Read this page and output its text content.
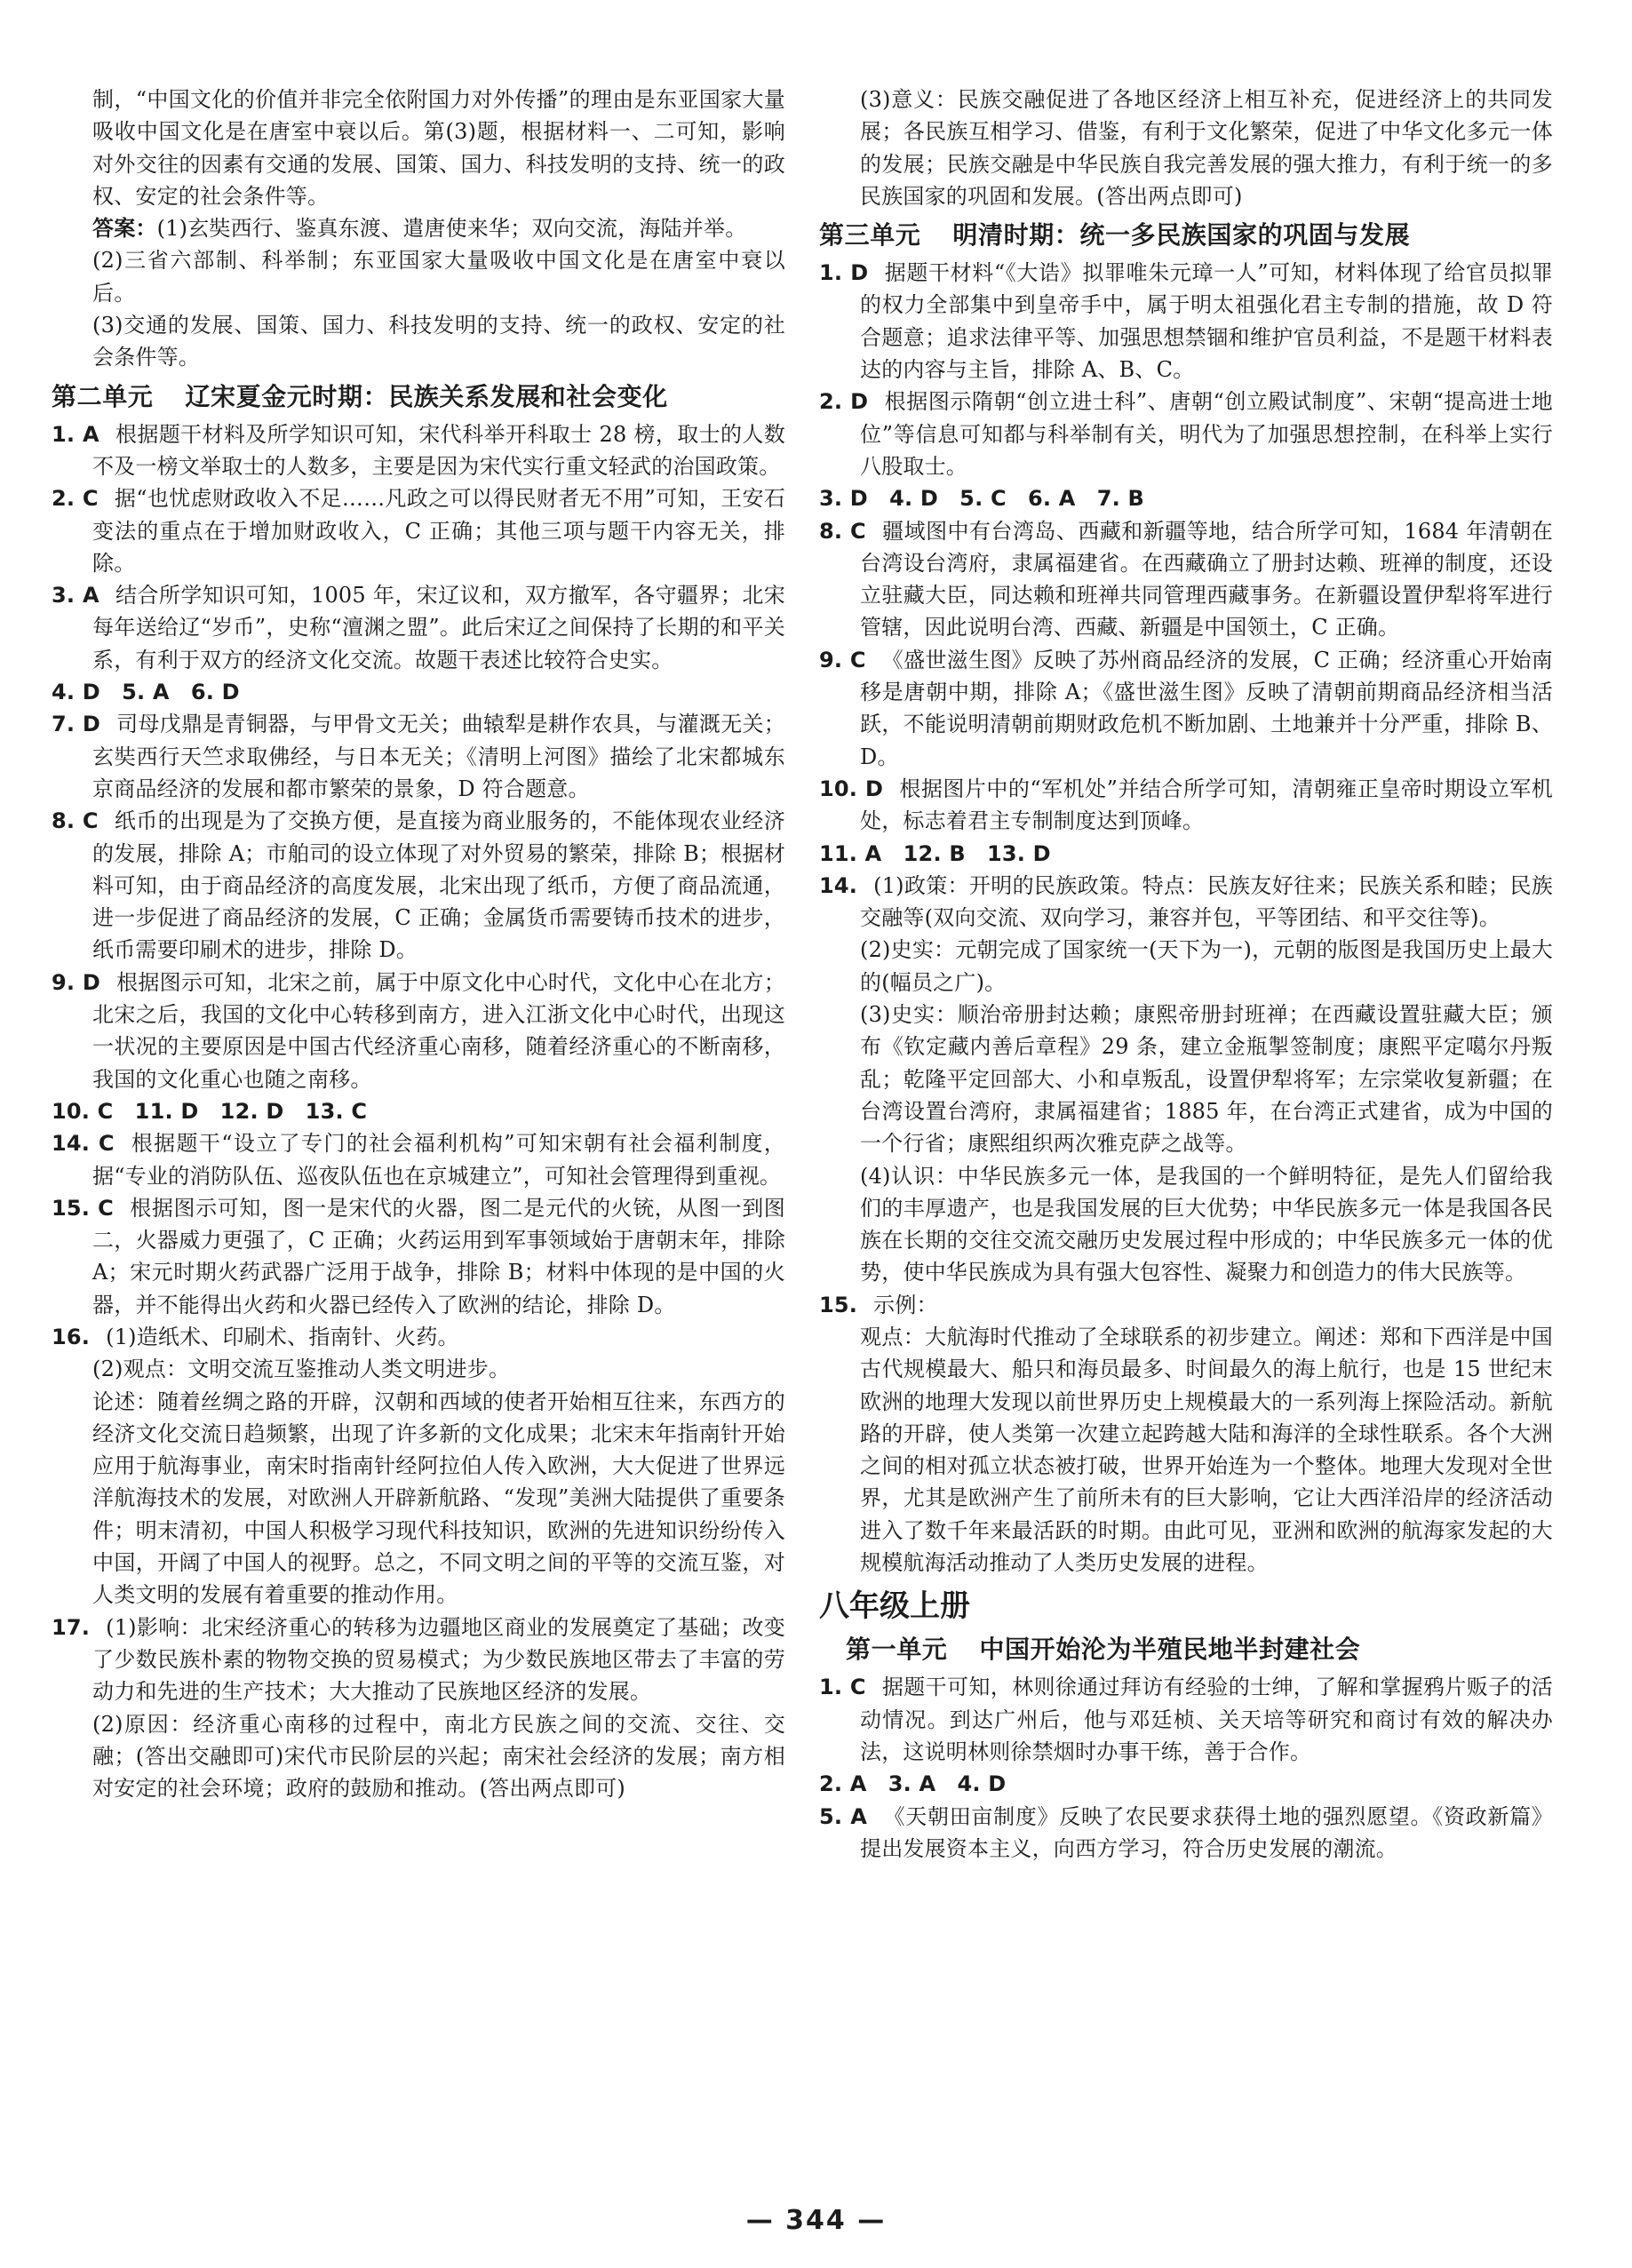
制，“中国文化的价值并非完全依附国力对外传播”的理由是东亚国家大量吸收中国文化是在唐室中衰以后。第(3)题，根据材料一、二可知，影响对外交往的因素有交通的发展、国策、国力、科技发明的支持、统一的政权、安定的社会条件等。

答案：(1)玄奘西行、鉴真东渡、遣唐使来华；双向交流，海陆并举。

(2)三省六部制、科举制；东亚国家大量吸收中国文化是在唐室中衰以后。

(3)交通的发展、国策、国力、科技发明的支持、统一的政权、安定的社会条件等。

第二单元 辽宋夏金元时期：民族关系发展和社会变化

1. A 根据题干材料及所学知识可知，宋代科举开科取士 28 榜，取士的人数不及一榜文举取士的人数多，主要是因为宋代实行重文轻武的治国政策。

2. C 据“也忧虑财政收入不足……凡政之可以得民财者无不用”可知，王安石变法的重点在于增加财政收入，C 正确；其他三项与题干内容无关，排除。

3. A 结合所学知识可知，1005 年，宋辽议和，双方撤军，各守疆界；北宋每年送给辽“岁币”，史称“澶渊之盟”。此后宋辽之间保持了长期的和平关系，有利于双方的经济文化交流。故题干表述比较符合史实。

4. D　5. A　6. D

7. D 司母戊鼎是青铜器，与甲骨文无关；曲辕犁是耕作农具，与灌溉无关；玄奘西行天竺求取佛经，与日本无关；《清明上河图》描绘了北宋都城东京商品经济的发展和都市繁荣的景象，D 符合题意。

8. C 纸币的出现是为了交换方便，是直接为商业服务的，不能体现农业经济的发展，排除 A；市舶司的设立体现了对外贸易的繁荣，排除 B；根据材料可知，由于商品经济的高度发展，北宋出现了纸币，方便了商品流通，进一步促进了商品经济的发展，C 正确；金属货币需要铸币技术的进步，纸币需要印刷术的进步，排除 D。

9. D 根据图示可知，北宋之前，属于中原文化中心时代，文化中心在北方；北宋之后，我国的文化中心转移到南方，进入江浙文化中心时代，出现这一状况的主要原因是中国古代经济重心南移，随着经济重心的不断南移，我国的文化重心也随之南移。

10. C　11. D　12. D　13. C

14. C 根据题干“设立了专门的社会福利机构”可知宋朝有社会福利制度，据“专业的消防队伍、巡夜队伍也在京城建立”，可知社会管理得到重视。

15. C 根据图示可知，图一是宋代的火器，图二是元代的火铳，从图一到图二，火器威力更强了，C 正确；火药运用到军事领域始于唐朝末年，排除 A；宋元时期火药武器广泛用于战争，排除 B；材料中体现的是中国的火器，并不能得出火药和火器已经传入了欧洲的结论，排除 D。

16. (1)造纸术、印刷术、指南针、火药。

(2)观点：文明交流互鉴推动人类文明进步。

论述：随着丝绸之路的开辟，汉朝和西域的使者开始相互往来，东西方的经济文化交流日趋频繁，出现了许多新的文化成果；北宋末年指南针开始应用于航海事业，南宋时指南针经阿拉伯人传入欧洲，大大促进了世界远洋航海技术的发展，对欧洲人开辟新航路、“发现”美洲大陆提供了重要条件；明末清初，中国人积极学习现代科技知识，欧洲的先进知识纷纷传入中国，开阔了中国人的视野。总之，不同文明之间的平等的交流互鉴，对人类文明的发展有着重要的推动作用。

17. (1)影响：北宋经济重心的转移为边疆地区商业的发展奠定了基础；改变了少数民族朴素的物物交换的贸易模式；为少数民族地区带去了丰富的劳动力和先进的生产技术；大大推动了民族地区经济的发展。

(2)原因：经济重心南移的过程中，南北方民族之间的交流、交往、交融；(答出交融即可)宋代市民阶层的兴起；南宋社会经济的发展；南方相对安定的社会环境；政府的鼓励和推动。(答出两点即可)

(3)意义：民族交融促进了各地区经济上相互补充，促进经济上的共同发展；各民族互相学习、借鉴，有利于文化繁荣，促进了中华文化多元一体的发展；民族交融是中华民族自我完善发展的强大推力，有利于统一的多民族国家的巩固和发展。(答出两点即可)

第三单元 明清时期：统一多民族国家的巩固与发展

1. D 据题干材料“《大诰》拟罪唯朱元璋一人”可知，材料体现了给官员拟罪的权力全部集中到皇帝手中，属于明太祖强化君主专制的措施，故 D 符合题意；追求法律平等、加强思想禁锢和维护官员利益，不是题干材料表达的内容与主旨，排除 A、B、C。

2. D 根据图示隋朝“创立进士科”、唐朝“创立殿试制度”、宋朝“提高进士地位”等信息可知都与科举制有关，明代为了加强思想控制，在科举上实行八股取士。

3. D　4. D　5. C　6. A　7. B

8. C 疆域图中有台湾岛、西藏和新疆等地，结合所学可知，1684 年清朝在台湾设台湾府，隶属福建省。在西藏确立了册封达赖、班禅的制度，还设立驻藏大臣，同达赖和班禅共同管理西藏事务。在新疆设置伊犁将军进行管辖，因此说明台湾、西藏、新疆是中国领土，C 正确。

9. C 《盛世滋生图》反映了苏州商品经济的发展，C 正确；经济重心开始南移是唐朝中期，排除 A；《盛世滋生图》反映了清朝前期商品经济相当活跃，不能说明清朝前期财政危机不断加剧、土地兼并十分严重，排除 B、D。

10. D 根据图片中的“军机处”并结合所学可知，清朝雍正皇帝时期设立军机处，标志着君主专制制度达到顶峰。

11. A　12. B　13. D

14. (1)政策：开明的民族政策。特点：民族友好往来；民族关系和睦；民族交融等(双向交流、双向学习，兼容并包，平等团结、和平交往等)。

(2)史实：元朝完成了国家统一(天下为一)，元朝的版图是我国历史上最大的(幅员之广)。

(3)史实：顺治帝册封达赖；康熙帝册封班禅；在西藏设置驻藏大臣；颁布《钦定藏内善后章程》29 条，建立金瓶掣签制度；康熙平定噶尔丹叛乱；乾隆平定回部大、小和卓叛乱，设置伊犁将军；左宗棠收复新疆；在台湾设置台湾府，隶属福建省；1885 年，在台湾正式建省，成为中国的一个行省；康熙组织两次雅克萨之战等。

(4)认识：中华民族多元一体，是我国的一个鲜明特征，是先人们留给我们的丰厚遗产，也是我国发展的巨大优势；中华民族多元一体是我国各民族在长期的交往交流交融历史发展过程中形成的；中华民族多元一体的优势，使中华民族成为具有强大包容性、凝聚力和创造力的伟大民族等。

15. 示例：

观点：大航海时代推动了全球联系的初步建立。阐述：郑和下西洋是中国古代规模最大、船只和海员最多、时间最久的海上航行，也是 15 世纪末欧洲的地理大发现以前世界历史上规模最大的一系列海上探险活动。新航路的开辟，使人类第一次建立起跨越大陆和海洋的全球性联系。各个大洲之间的相对孤立状态被打破，世界开始连为一个整体。地理大发现对全世界，尤其是欧洲产生了前所未有的巨大影响，它让大西洋沿岸的经济活动进入了数千年来最活跃的时期。由此可见，亚洲和欧洲的航海家发起的大规模航海活动推动了人类历史发展的进程。

八年级上册
第一单元 中国开始沦为半殖民地半封建社会

1. C 据题干可知，林则徐通过拜访有经验的士绅，了解和掌握鸦片贩子的活动情况。到达广州后，他与邓廷桢、关天培等研究和商讨有效的解决办法，这说明林则徐禁烟时办事干练，善于合作。

2. A　3. A　4. D

5. A 《天朝田亩制度》反映了农民要求获得土地的强烈愿望。《资政新篇》提出发展资本主义，向西方学习，符合历史发展的潮流。

— 344 —
